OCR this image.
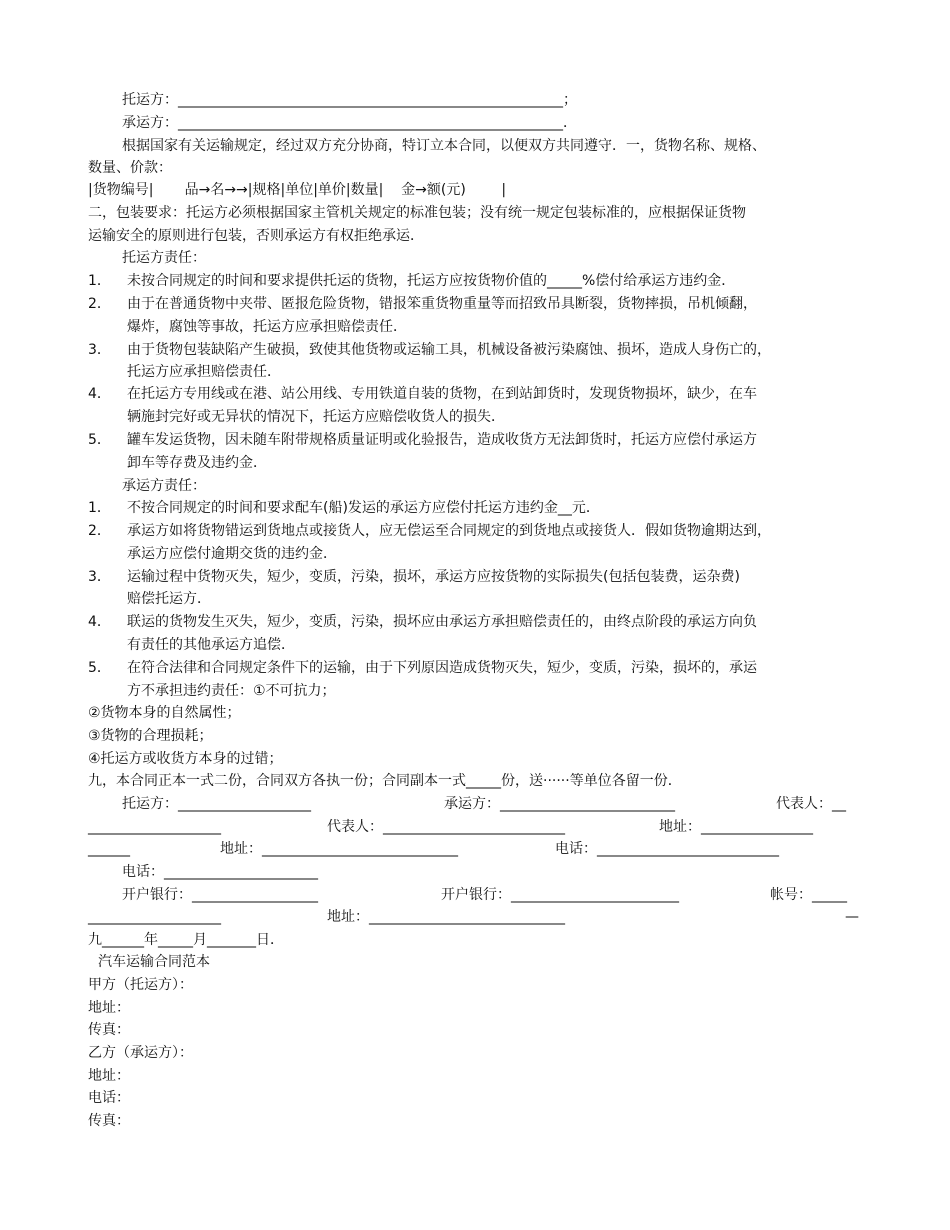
托运方：_______________________________________________________；
承运方：_______________________________________________________．
根据国家有关运输规定，经过双方充分协商，特订立本合同，以便双方共同遵守．一，货物名称、规格、
数量、价款：
|货物编号|       品→名→→|规格|单位|单价|数量|    金→额(元)        |
二，包装要求：托运方必须根据国家主管机关规定的标准包装；没有统一规定包装标准的，应根据保证货物
运输安全的原则进行包装，否则承运方有权拒绝承运．
托运方责任：
1． 未按合同规定的时间和要求提供托运的货物，托运方应按货物价值的_____%偿付给承运方违约金．
2． 由于在普通货物中夹带、匿报危险货物，错报笨重货物重量等而招致吊具断裂，货物摔损，吊机倾翻，
爆炸，腐蚀等事故，托运方应承担赔偿责任．
3． 由于货物包装缺陷产生破损，致使其他货物或运输工具，机械设备被污染腐蚀、损坏，造成人身伤亡的，
托运方应承担赔偿责任．
4． 在托运方专用线或在港、站公用线、专用铁道自装的货物，在到站卸货时，发现货物损坏，缺少，在车
辆施封完好或无异状的情况下，托运方应赔偿收货人的损失．
5． 罐车发运货物，因未随车附带规格质量证明或化验报告，造成收货方无法卸货时，托运方应偿付承运方
卸车等存费及违约金．
承运方责任：
1． 不按合同规定的时间和要求配车(船)发运的承运方应偿付托运方违约金__元．
2． 承运方如将货物错运到货地点或接货人，应无偿运至合同规定的到货地点或接货人．假如货物逾期达到，
承运方应偿付逾期交货的违约金．
3． 运输过程中货物灭失，短少，变质，污染，损坏，承运方应按货物的实际损失(包括包装费，运杂费)
赔偿托运方．
4． 联运的货物发生灭失，短少，变质，污染，损坏应由承运方承担赔偿责任的，由终点阶段的承运方向负
有责任的其他承运方追偿．
5． 在符合法律和合同规定条件下的运输，由于下列原因造成货物灭失，短少，变质，污染，损坏的，承运
方不承担违约责任：①不可抗力；
②货物本身的自然属性；
③货物的合理损耗；
④托运方或收货方本身的过错；
九，本合同正本一式二份，合同双方各执一份；合同副本一式_____份，送······等单位各留一份．
托运方：___________________	承运方：_________________________	代表人：__
___________________	代表人：__________________________	地址：________________
______	地址：____________________________	电话：__________________________
电话：______________________
开户银行：__________________	开户银行：________________________	帐号：_____
___________________	地址：____________________________	—
九______年_____月_______日．
汽车运输合同范本
甲方（托运方）：
地址：
传真：
乙方（承运方）：
地址：
电话：
传真：
